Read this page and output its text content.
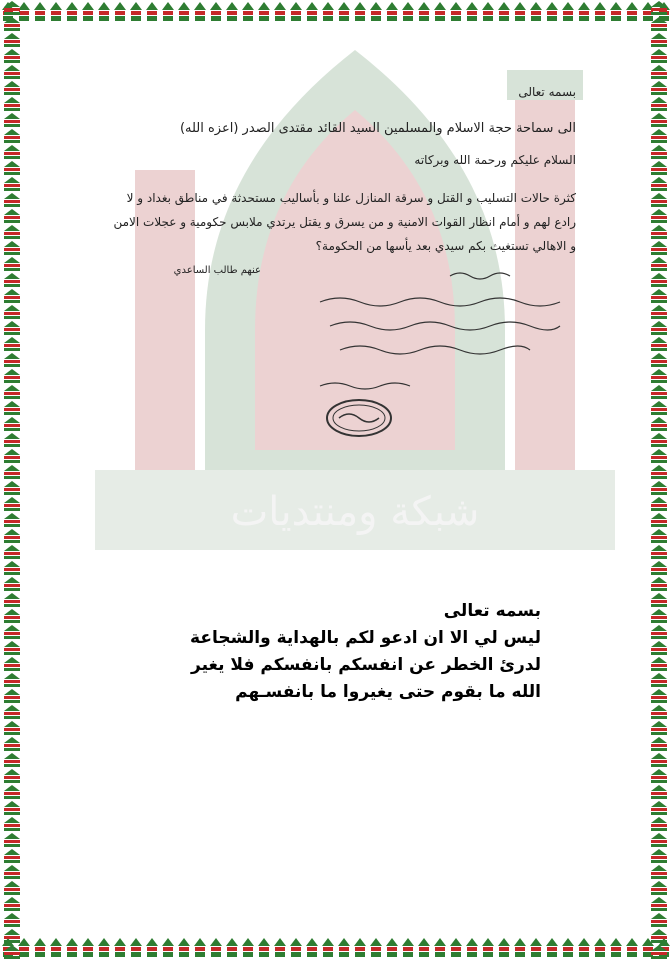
شبكة ومنتديات
بسمه تعالى
الى سماحة حجة الاسلام والمسلمين السيد القائد مقتدى الصدر (اعزه الله)
السلام عليكم ورحمة الله وبركاته
كثرة حالات التسليب و القتل و سرقة المنازل علنا و بأساليب مستحدثة في مناطق بغداد و لا رادع لهم و أمام انظار القوات الامنية و من يسرق و يقتل يرتدي ملابس حكومية و عجلات الامن و الاهالي تستغيث بكم سيدي بعد يأسها من الحكومة؟
عنهم طالب الساعدي
بسمه تعالى
ليس لي الا ان ادعو لكم بالهداية والشجاعة
لدرئ الخطر عن انفسكم بانفسكم فلا يغير
الله ما بقوم حتى يغيروا ما بانفسـهم
